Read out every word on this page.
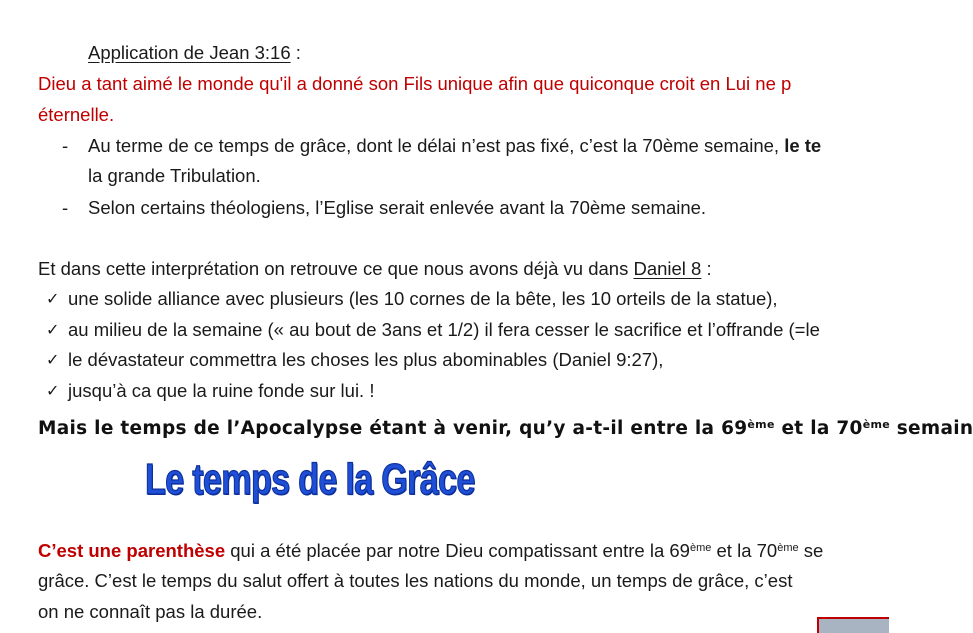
Application de Jean 3:16 :
Dieu a tant aimé le monde qu'il a donné son Fils unique afin que quiconque croit en Lui ne p
éternelle.
- Au terme de ce temps de grâce, dont le délai n’est pas fixé, c’est la 70ème semaine, le te
la grande Tribulation.
- Selon certains théologiens, l’Eglise serait enlevée avant la 70ème semaine.
Et dans cette interprétation on retrouve ce que nous avons déjà vu dans Daniel 8 :
✓ une solide alliance avec plusieurs (les 10 cornes de la bête, les 10 orteils de la statue),
✓ au milieu de la semaine (« au bout de 3ans et 1/2) il fera cesser le sacrifice et l’offrande (=le
✓ le dévastateur commettra les choses les plus abominables (Daniel 9:27),
✓ jusqu’à ca que la ruine fonde sur lui. !
Mais le temps de l’Apocalypse étant à venir, qu’y a-t-il entre la 69ème et la 70ème semain
Le temps de la Grâce
C’est une parenthèse qui a été placée par notre Dieu compatissant entre la 69ème et la 70ème se
grâce. C’est le temps du salut offert à toutes les nations du monde, un temps de grâce, c’est
on ne connaît pas la durée.
